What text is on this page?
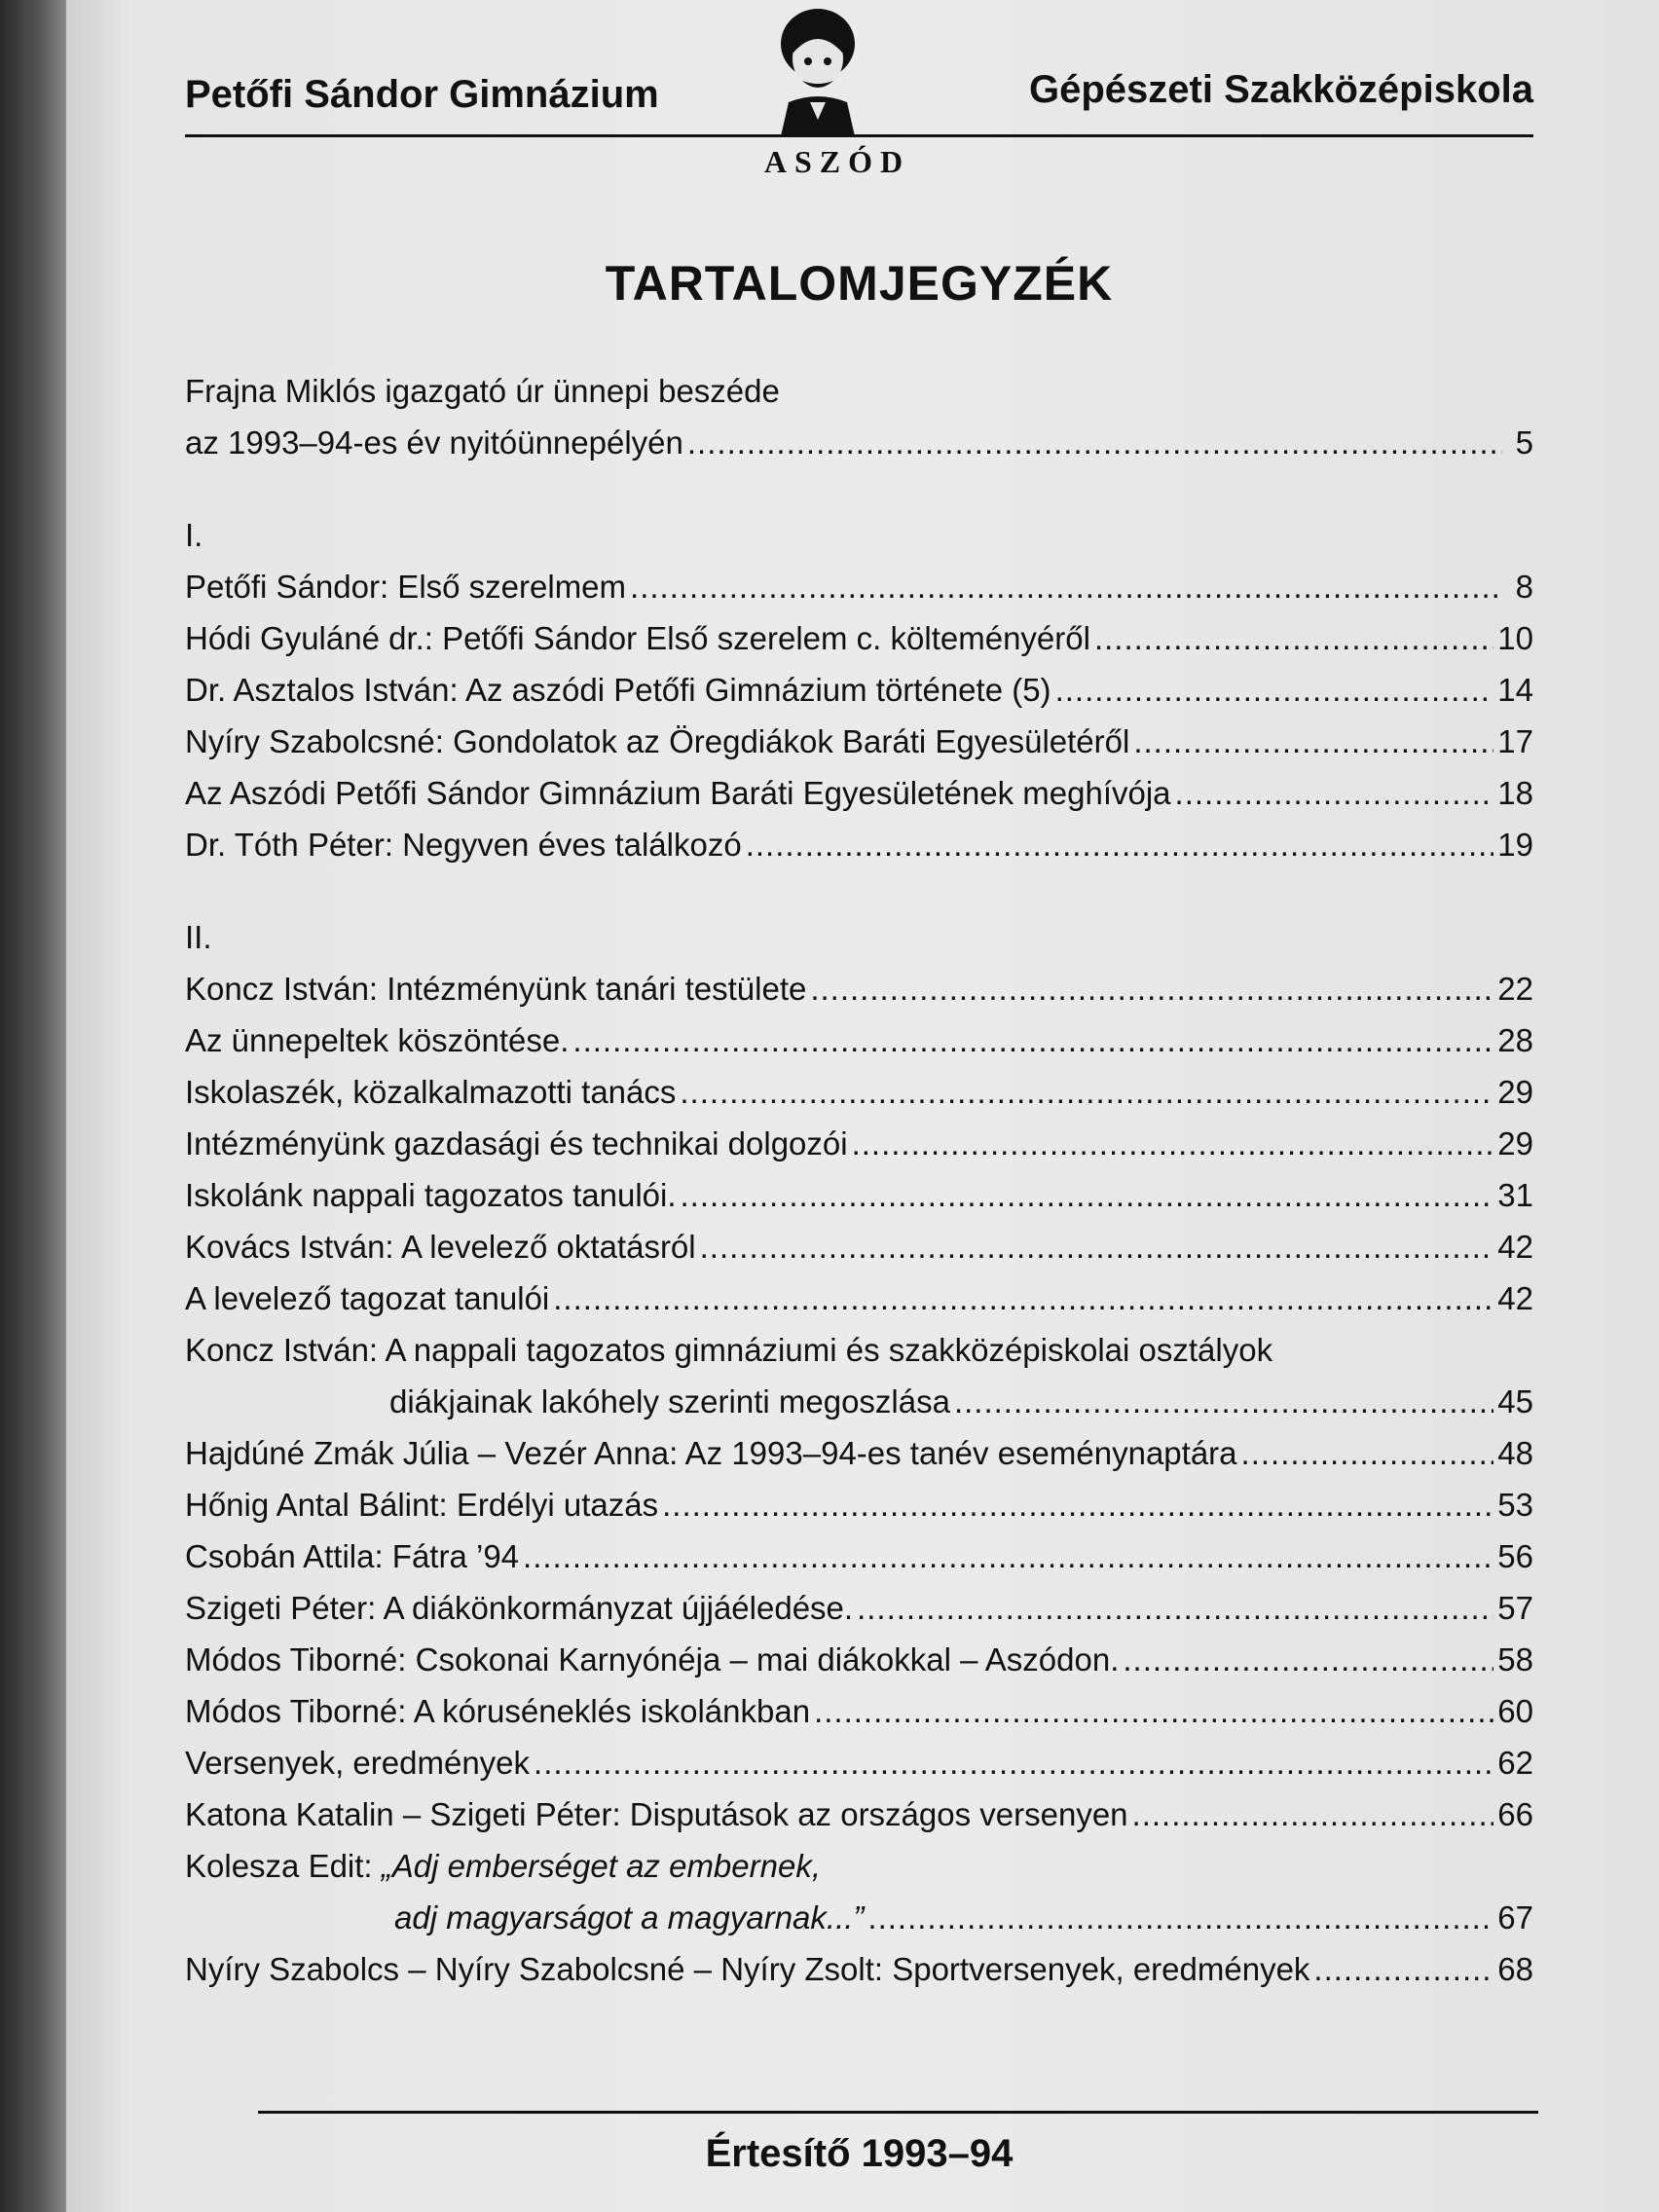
Petőfi Sándor Gimnázium	Gépészeti Szakközépiskola
ASZÓD
TARTALOMJEGYZÉK
Frajna Miklós igazgató úr ünnepi beszéde
az 1993–94-es év nyitóünnepélyén .....	5
I.
Petőfi Sándor: Első szerelmem .....	8
Hódi Gyuláné dr.: Petőfi Sándor Első szerelem c. költeményéről .....	10
Dr. Asztalos István: Az aszódi Petőfi Gimnázium története (5) .....	14
Nyíry Szabolcsné: Gondolatok az Öregdiákok Baráti Egyesületéről .....	17
Az Aszódi Petőfi Sándor Gimnázium Baráti Egyesületének meghívója .....	18
Dr. Tóth Péter: Negyven éves találkozó .....	19
II.
Koncz István: Intézményünk tanári testülete .....	22
Az ünnepeltek köszöntése. .....	28
Iskolaszék, közalkalmazotti tanács .....	29
Intézményünk gazdasági és technikai dolgozói .....	29
Iskolánk nappali tagozatos tanulói. .....	31
Kovács István: A levelező oktatásról .....	42
A levelező tagozat tanulói .....	42
Koncz István: A nappali tagozatos gimnáziumi és szakközépiskolai osztályok
diákjainak lakóhely szerinti megoszlása .....	45
Hajdúné Zmák Júlia – Vezér Anna: Az 1993–94-es tanév eseménynaptára .....	48
Hőnig Antal Bálint: Erdélyi utazás .....	53
Csobán Attila: Fátra ’94 .....	56
Szigeti Péter: A diákönkormányzat újjáéledése. .....	57
Módos Tiborné: Csokonai Karnyónéja – mai diákokkal – Aszódon. .....	58
Módos Tiborné: A kóruséneklés iskolánkban .....	60
Versenyek, eredmények .....	62
Katona Katalin – Szigeti Péter: Disputások az országos versenyen .....	66
Kolesza Edit: „Adj emberséget az embernek,
adj magyarságot a magyarnak...” .....	67
Nyíry Szabolcs – Nyíry Szabolcsné – Nyíry Zsolt: Sportversenyek, eredmények .....	68
Értesítő 1993–94
